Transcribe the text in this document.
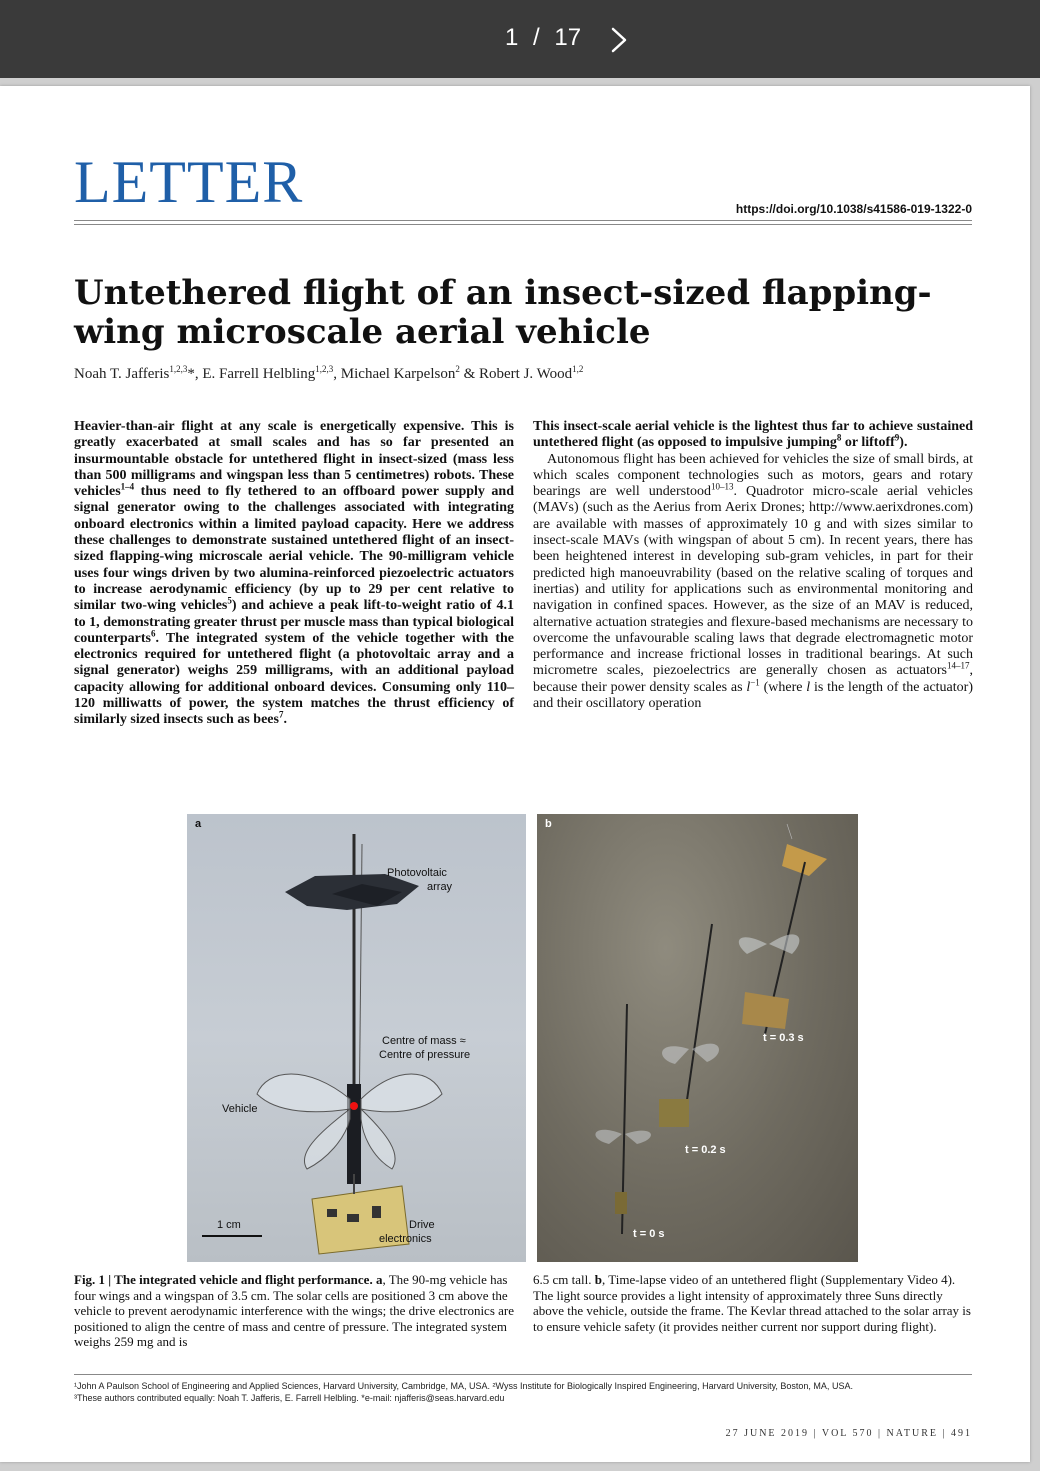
1 / 17
LETTER	https://doi.org/10.1038/s41586-019-1322-0
Untethered flight of an insect-sized flapping-wing microscale aerial vehicle
Noah T. Jafferis$^{1,2,3}$*, E. Farrell Helbling$^{1,2,3}$, Michael Karpelson$^2$ & Robert J. Wood$^{1,2}$

Heavier-than-air flight at any scale is energetically expensive. This is greatly exacerbated at small scales and has so far presented an insurmountable obstacle for untethered flight in insect-sized (mass less than 500 milligrams and wingspan less than 5 centimetres) robots. These vehicles$^{1-4}$ thus need to fly tethered to an offboard power supply and signal generator owing to the challenges associated with integrating onboard electronics within a limited payload capacity. Here we address these challenges to demonstrate sustained untethered flight of an insect-sized flapping-wing microscale aerial vehicle. The 90-milligram vehicle uses four wings driven by two alumina-reinforced piezoelectric actuators to increase aerodynamic efficiency (by up to 29 per cent relative to similar two-wing vehicles$^5$) and achieve a peak lift-to-weight ratio of 4.1 to 1, demonstrating greater thrust per muscle mass than typical biological counterparts$^6$. The integrated system of the vehicle together with the electronics required for untethered flight (a photovoltaic array and a signal generator) weighs 259 milligrams, with an additional payload capacity allowing for additional onboard devices. Consuming only 110–120 milliwatts of power, the system matches the thrust efficiency of similarly sized insects such as bees$^7$.

This insect-scale aerial vehicle is the lightest thus far to achieve sustained untethered flight (as opposed to impulsive jumping$^8$ or liftoff$^9$).

Autonomous flight has been achieved for vehicles the size of small birds, at which scales component technologies such as motors, gears and rotary bearings are well understood$^{10-13}$. Quadrotor micro-scale aerial vehicles (MAVs) (such as the Aerius from Aerix Drones; http://www.aerixdrones.com) are available with masses of approximately 10 g and with sizes similar to insect-scale MAVs (with wingspan of about 5 cm). In recent years, there has been heightened interest in developing sub-gram vehicles, in part for their predicted high manoeuvrability (based on the relative scaling of torques and inertias) and utility for applications such as environmental monitoring and navigation in confined spaces. However, as the size of an MAV is reduced, alternative actuation strategies and flexure-based mechanisms are necessary to overcome the unfavourable scaling laws that degrade electromagnetic motor performance and increase frictional losses in traditional bearings. At such micrometre scales, piezoelectrics are generally chosen as actuators$^{14-17}$, because their power density scales as $l^{-1}$ (where l is the length of the actuator) and their oscillatory operation

a
Photovoltaic
array
Centre of mass ≈
Centre of pressure
Vehicle
Drive
electronics
1 cm
b
t = 0.3 s
t = 0.2 s
t = 0 s

Fig. 1 | The integrated vehicle and flight performance. a, The 90-mg vehicle has four wings and a wingspan of 3.5 cm. The solar cells are positioned 3 cm above the vehicle to prevent aerodynamic interference with the wings; the drive electronics are positioned to align the centre of mass and centre of pressure. The integrated system weighs 259 mg and is

6.5 cm tall. b, Time-lapse video of an untethered flight (Supplementary Video 4). The light source provides a light intensity of approximately three Suns directly above the vehicle, outside the frame. The Kevlar thread attached to the solar array is to ensure vehicle safety (it provides neither current nor support during flight).

¹John A Paulson School of Engineering and Applied Sciences, Harvard University, Cambridge, MA, USA. ²Wyss Institute for Biologically Inspired Engineering, Harvard University, Boston, MA, USA.
³These authors contributed equally: Noah T. Jafferis, E. Farrell Helbling. *e-mail: njafferis@seas.harvard.edu
27 JUNE 2019 | VOL 570 | NATURE | 491
